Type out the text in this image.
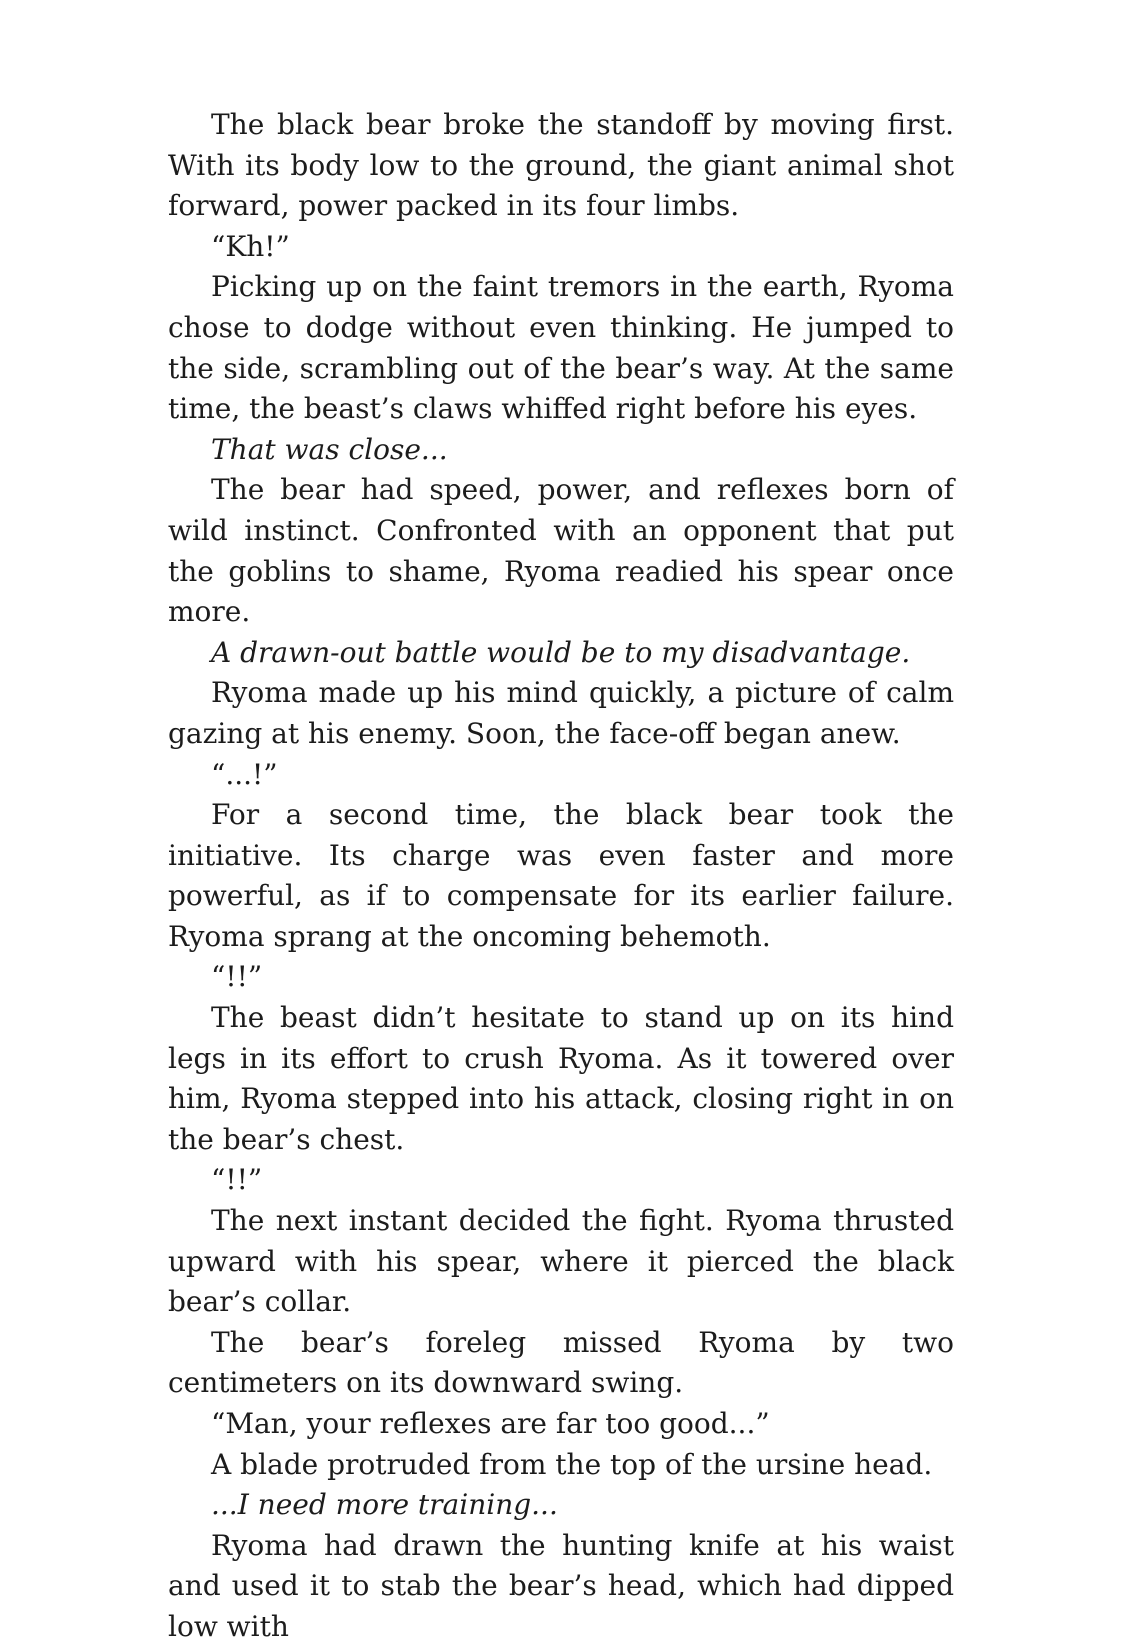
The black bear broke the standoff by moving first. With its body low to the ground, the giant animal shot forward, power packed in its four limbs.

“Kh!”

Picking up on the faint tremors in the earth, Ryoma chose to dodge without even thinking. He jumped to the side, scrambling out of the bear’s way. At the same time, the beast’s claws whiffed right before his eyes.

That was close...

The bear had speed, power, and reflexes born of wild instinct. Confronted with an opponent that put the goblins to shame, Ryoma readied his spear once more.

A drawn-out battle would be to my disadvantage.

Ryoma made up his mind quickly, a picture of calm gazing at his enemy. Soon, the face-off began anew.

“...!”

For a second time, the black bear took the initiative. Its charge was even faster and more powerful, as if to compensate for its earlier failure. Ryoma sprang at the oncoming behemoth.

“!!”

The beast didn’t hesitate to stand up on its hind legs in its effort to crush Ryoma. As it towered over him, Ryoma stepped into his attack, closing right in on the bear’s chest.

“!!”

The next instant decided the fight. Ryoma thrusted upward with his spear, where it pierced the black bear’s collar.

The bear’s foreleg missed Ryoma by two centimeters on its downward swing.

“Man, your reflexes are far too good...”

A blade protruded from the top of the ursine head.

...I need more training...

Ryoma had drawn the hunting knife at his waist and used it to stab the bear’s head, which had dipped low with
